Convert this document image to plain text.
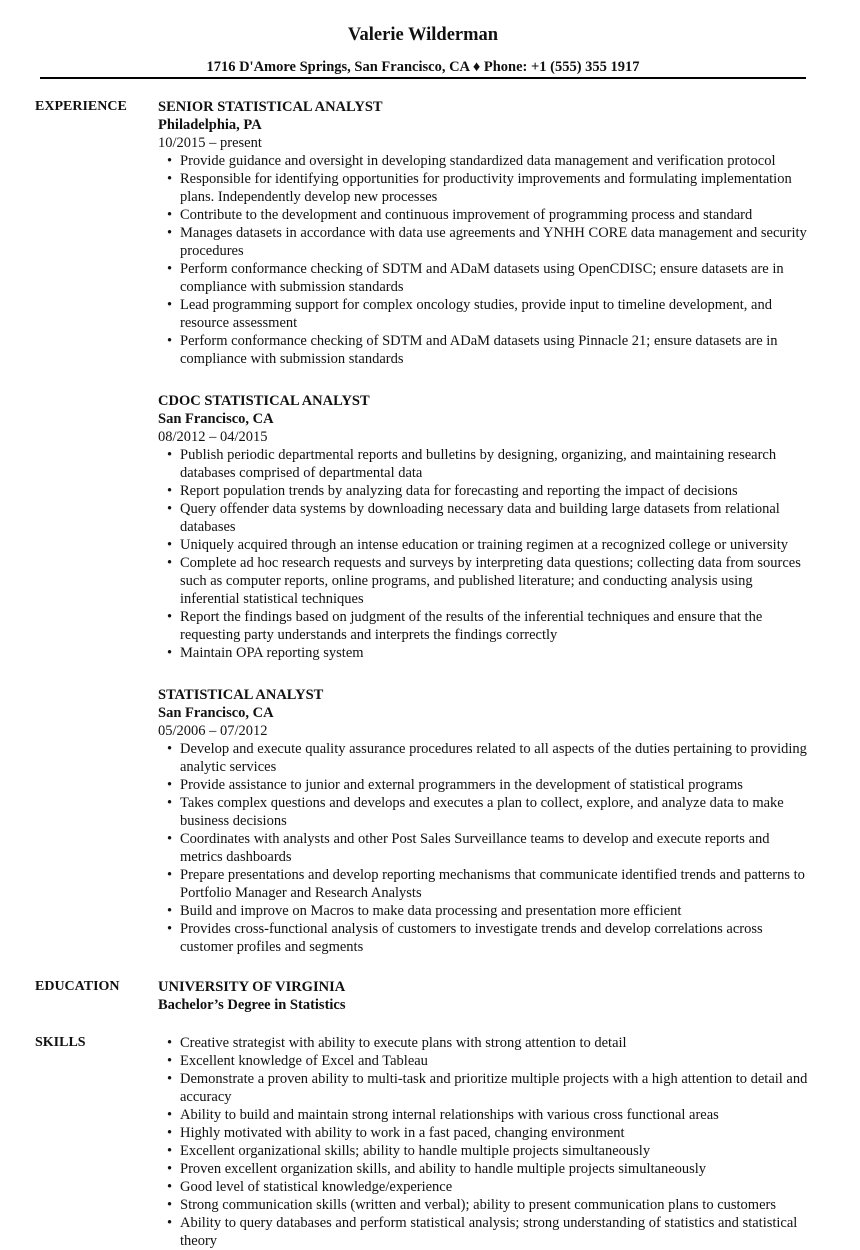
Valerie Wilderman
1716 D'Amore Springs, San Francisco, CA ♦ Phone: +1 (555) 355 1917
EXPERIENCE SENIOR STATISTICAL ANALYST
Philadelphia, PA
10/2015 – present
• Provide guidance and oversight in developing standardized data management and verification protocol
• Responsible for identifying opportunities for productivity improvements and formulating implementation plans. Independently develop new processes
• Contribute to the development and continuous improvement of programming process and standard
• Manages datasets in accordance with data use agreements and YNHH CORE data management and security procedures
• Perform conformance checking of SDTM and ADaM datasets using OpenCDISC; ensure datasets are in compliance with submission standards
• Lead programming support for complex oncology studies, provide input to timeline development, and resource assessment
• Perform conformance checking of SDTM and ADaM datasets using Pinnacle 21; ensure datasets are in compliance with submission standards
CDOC STATISTICAL ANALYST
San Francisco, CA
08/2012 – 04/2015
• Publish periodic departmental reports and bulletins by designing, organizing, and maintaining research databases comprised of departmental data
• Report population trends by analyzing data for forecasting and reporting the impact of decisions
• Query offender data systems by downloading necessary data and building large datasets from relational databases
• Uniquely acquired through an intense education or training regimen at a recognized college or university
• Complete ad hoc research requests and surveys by interpreting data questions; collecting data from sources such as computer reports, online programs, and published literature; and conducting analysis using inferential statistical techniques
• Report the findings based on judgment of the results of the inferential techniques and ensure that the requesting party understands and interprets the findings correctly
• Maintain OPA reporting system
STATISTICAL ANALYST
San Francisco, CA
05/2006 – 07/2012
• Develop and execute quality assurance procedures related to all aspects of the duties pertaining to providing analytic services
• Provide assistance to junior and external programmers in the development of statistical programs
• Takes complex questions and develops and executes a plan to collect, explore, and analyze data to make business decisions
• Coordinates with analysts and other Post Sales Surveillance teams to develop and execute reports and metrics dashboards
• Prepare presentations and develop reporting mechanisms that communicate identified trends and patterns to Portfolio Manager and Research Analysts
• Build and improve on Macros to make data processing and presentation more efficient
• Provides cross-functional analysis of customers to investigate trends and develop correlations across customer profiles and segments
EDUCATION	UNIVERSITY OF VIRGINIA
Bachelor’s Degree in Statistics
SKILLS	• Creative strategist with ability to execute plans with strong attention to detail
• Excellent knowledge of Excel and Tableau
• Demonstrate a proven ability to multi-task and prioritize multiple projects with a high attention to detail and accuracy
• Ability to build and maintain strong internal relationships with various cross functional areas
• Highly motivated with ability to work in a fast paced, changing environment
• Excellent organizational skills; ability to handle multiple projects simultaneously
• Proven excellent organization skills, and ability to handle multiple projects simultaneously
• Good level of statistical knowledge/experience
• Strong communication skills (written and verbal); ability to present communication plans to customers
• Ability to query databases and perform statistical analysis; strong understanding of statistics and statistical theory
